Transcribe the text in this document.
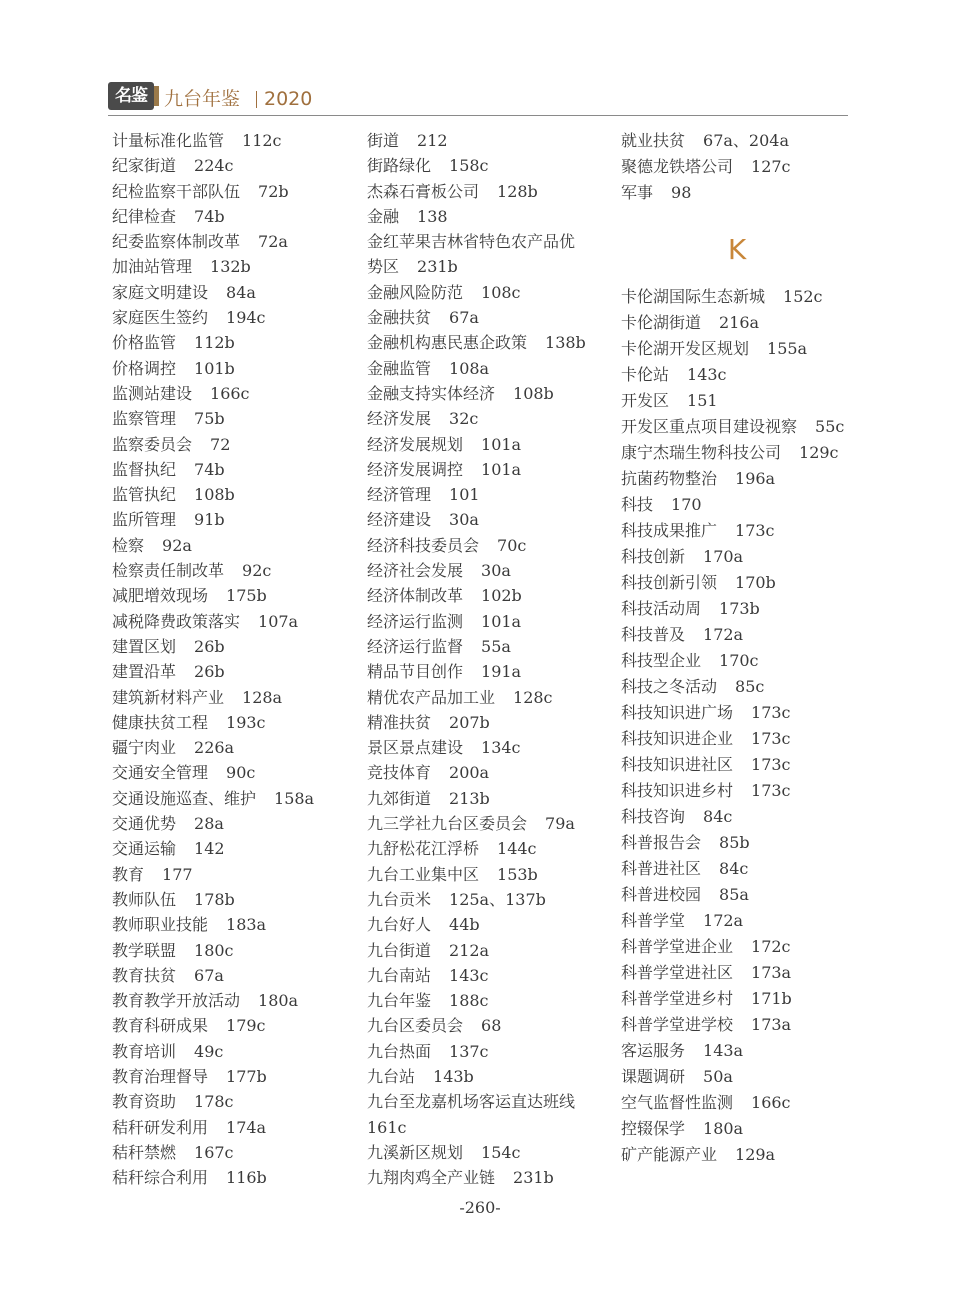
名鉴 九台年鉴 2020
计量标准化监管 112c
纪家街道 224c
纪检监察干部队伍 72b
纪律检查 74b
纪委监察体制改革 72a
加油站管理 132b
家庭文明建设 84a
家庭医生签约 194c
价格监管 112b
价格调控 101b
监测站建设 166c
监察管理 75b
监察委员会 72
监督执纪 74b
监管执纪 108b
监所管理 91b
检察 92a
检察责任制改革 92c
减肥增效现场 175b
减税降费政策落实 107a
建置区划 26b
建置沿革 26b
建筑新材料产业 128a
健康扶贫工程 193c
疆宁肉业 226a
交通安全管理 90c
交通设施巡查、维护 158a
交通优势 28a
交通运输 142
教育 177
教师队伍 178b
教师职业技能 183a
教学联盟 180c
教育扶贫 67a
教育教学开放活动 180a
教育科研成果 179c
教育培训 49c
教育治理督导 177b
教育资助 178c
秸秆研发利用 174a
秸秆禁燃 167c
秸秆综合利用 116b
街道 212
街路绿化 158c
杰森石膏板公司 128b
金融 138
金红苹果吉林省特色农产品优
势区 231b
金融风险防范 108c
金融扶贫 67a
金融机构惠民惠企政策 138b
金融监管 108a
金融支持实体经济 108b
经济发展 32c
经济发展规划 101a
经济发展调控 101a
经济管理 101
经济建设 30a
经济科技委员会 70c
经济社会发展 30a
经济体制改革 102b
经济运行监测 101a
经济运行监督 55a
精品节目创作 191a
精优农产品加工业 128c
精准扶贫 207b
景区景点建设 134c
竞技体育 200a
九郊街道 213b
九三学社九台区委员会 79a
九舒松花江浮桥 144c
九台工业集中区 153b
九台贡米 125a、137b
九台好人 44b
九台街道 212a
九台南站 143c
九台年鉴 188c
九台区委员会 68
九台热面 137c
九台站 143b
九台至龙嘉机场客运直达班线
161c
九溪新区规划 154c
九翔肉鸡全产业链 231b
就业扶贫 67a、204a
聚德龙铁塔公司 127c
军事 98
K
卡伦湖国际生态新城 152c
卡伦湖街道 216a
卡伦湖开发区规划 155a
卡伦站 143c
开发区 151
开发区重点项目建设视察 55c
康宁杰瑞生物科技公司 129c
抗菌药物整治 196a
科技 170
科技成果推广 173c
科技创新 170a
科技创新引领 170b
科技活动周 173b
科技普及 172a
科技型企业 170c
科技之冬活动 85c
科技知识进广场 173c
科技知识进企业 173c
科技知识进社区 173c
科技知识进乡村 173c
科技咨询 84c
科普报告会 85b
科普进社区 84c
科普进校园 85a
科普学堂 172a
科普学堂进企业 172c
科普学堂进社区 173a
科普学堂进乡村 171b
科普学堂进学校 173a
客运服务 143a
课题调研 50a
空气监督性监测 166c
控辍保学 180a
矿产能源产业 129a
-260-
